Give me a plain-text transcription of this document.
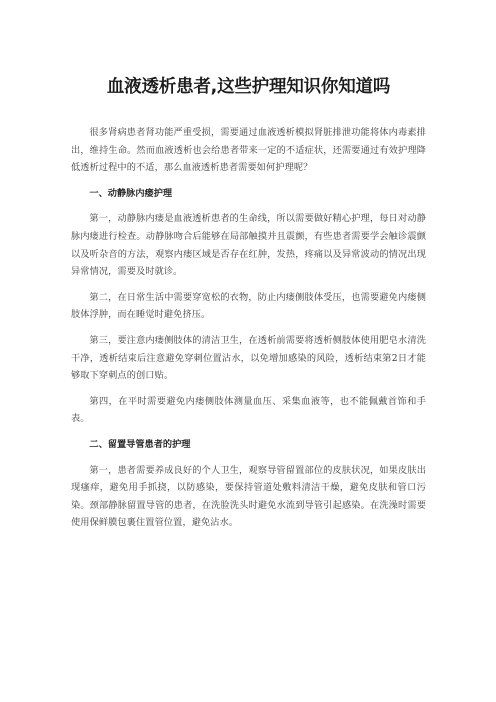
血液透析患者,这些护理知识你知道吗

很多肾病患者肾功能严重受损，需要通过血液透析模拟肾脏排泄功能将体内毒素排出，维持生命。然而血液透析也会给患者带来一定的不适症状，还需要通过有效护理降低透析过程中的不适，那么血液透析患者需要如何护理呢？

一、动静脉内瘘护理

第一，动静脉内瘘是血液透析患者的生命线，所以需要做好精心护理，每日对动静脉内瘘进行检查。动静脉吻合后能够在局部触摸并且震颤，有些患者需要学会触诊震颤以及听杂音的方法，观察内瘘区域是否存在红肿，发热，疼痛以及异常波动的情况出现异常情况，需要及时就诊。

第二，在日常生活中需要穿宽松的衣物，防止内瘘侧肢体受压，也需要避免内瘘侧肢体浮肿，而在睡觉时避免挤压。

第三，要注意内瘘侧肢体的清洁卫生，在透析前需要将透析侧肢体使用肥皂水清洗干净，透析结束后注意避免穿刺位置沾水，以免增加感染的风险，透析结束第2日才能够取下穿刺点的创口贴。

第四，在平时需要避免内瘘侧肢体测量血压、采集血液等，也不能佩戴首饰和手表。

二、留置导管患者的护理

第一，患者需要养成良好的个人卫生，观察导管留置部位的皮肤状况，如果皮肤出现瘙痒，避免用手抓挠，以防感染，要保持管道处敷料清洁干燥，避免皮肤和管口污染。颈部静脉留置导管的患者，在洗脸洗头时避免水流到导管引起感染。在洗澡时需要使用保鲜膜包裹住置管位置，避免沾水。
